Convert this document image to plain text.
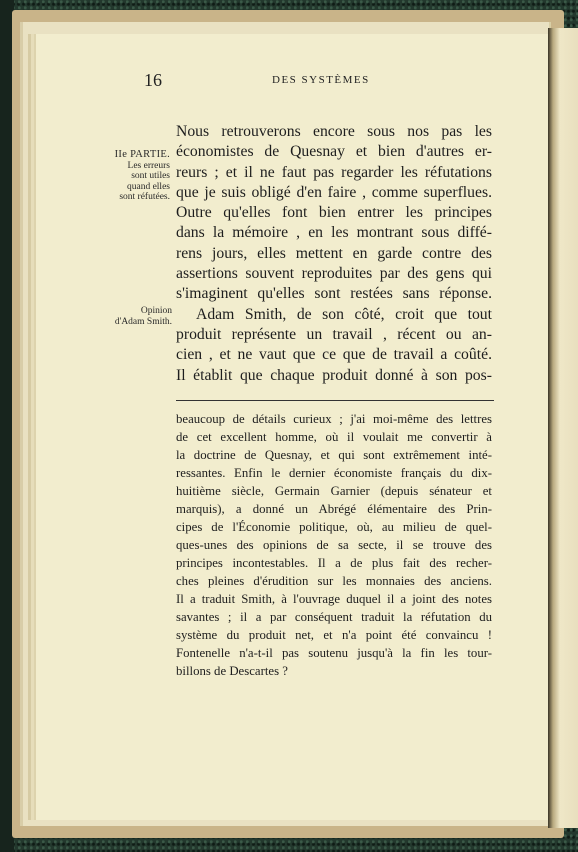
16	DES SYSTÈMES
IIe PARTIE.
Les erreurs
sont utiles
quand elles
sont réfutées.
Opinion
d'Adam Smith.
Nous retrouverons encore sous nos pas les
économistes de Quesnay et bien d'autres er-
reurs ; et il ne faut pas regarder les réfutations
que je suis obligé d'en faire , comme superflues.
Outre qu'elles font bien entrer les principes
dans la mémoire , en les montrant sous diffé-
rens jours, elles mettent en garde contre des
assertions souvent reproduites par des gens qui
s'imaginent qu'elles sont restées sans réponse.
Adam Smith, de son côté, croit que tout
produit représente un travail , récent ou an-
cien , et ne vaut que ce que de travail a coûté.
Il établit que chaque produit donné à son pos-
beaucoup de détails curieux ; j'ai moi-même des lettres
de cet excellent homme, où il voulait me convertir à
la doctrine de Quesnay, et qui sont extrêmement inté-
ressantes. Enfin le dernier économiste français du dix-
huitième siècle, Germain Garnier (depuis sénateur et
marquis), a donné un Abrégé élémentaire des Prin-
cipes de l'Économie politique, où, au milieu de quel-
ques-unes des opinions de sa secte, il se trouve des
principes incontestables. Il a de plus fait des recher-
ches pleines d'érudition sur les monnaies des anciens.
Il a traduit Smith, à l'ouvrage duquel il a joint des notes
savantes ; il a par conséquent traduit la réfutation du
système du produit net, et n'a point été convaincu !
Fontenelle n'a-t-il pas soutenu jusqu'à la fin les tour-
billons de Descartes ?
